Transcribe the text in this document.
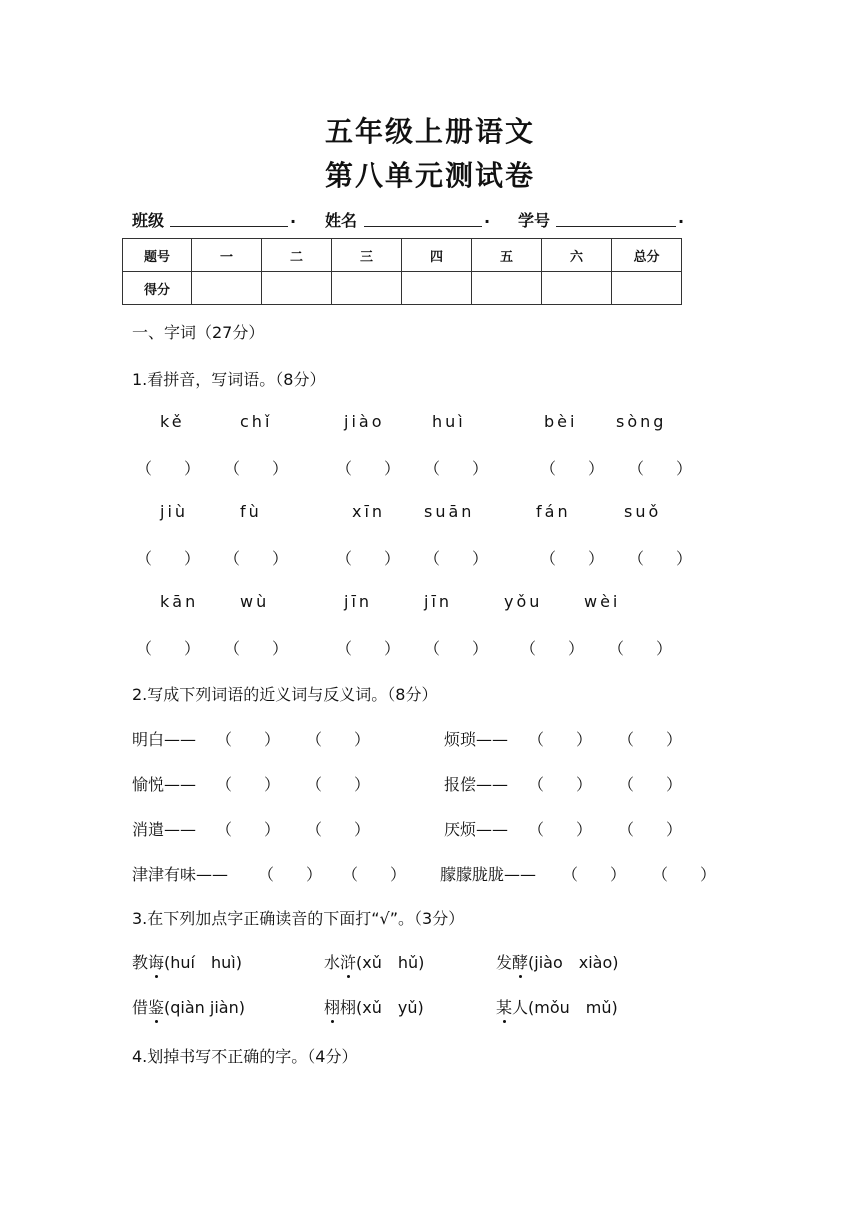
五年级上册语文
第八单元测试卷
班级	. 姓名	. 学号	.
题号	一	二	三	四	五	六	总分
得分							
一、字词（27分）
1.看拼音，写词语。（8分）
kě	chǐ	jiào	huì	bèi sòng
（　　） （　　）	（　　） （　　）	（　　） （　　）
jiù	fù	xīn suān	fán	suǒ
（　　） （　　）	（　　） （　　）	（　　） （　　）
kān	wù	jīn	jīn	yǒu	wèi
（　　） （　　）	（　　） （　　） （　　） （　　）
2.写成下列词语的近义词与反义词。（8分）
明白—— （　　） （　　）	烦琐—— （　　） （　　）
愉悦—— （　　） （　　）	报偿—— （　　） （　　）
消遣—— （　　） （　　）	厌烦—— （　　） （　　）
津津有味—— （　　） （　　） 朦朦胧胧—— （　　） （　　）
3.在下列加点字正确读音的下面打“√”。（3分）
教诲(huí　huì)	水浒(xǔ　hǔ)	发酵(jiào　xiào)
借鉴(qiàn jiàn)	栩栩(xǔ　yǔ)	某人(mǒu　mǔ)
4.划掉书写不正确的字。（4分）
